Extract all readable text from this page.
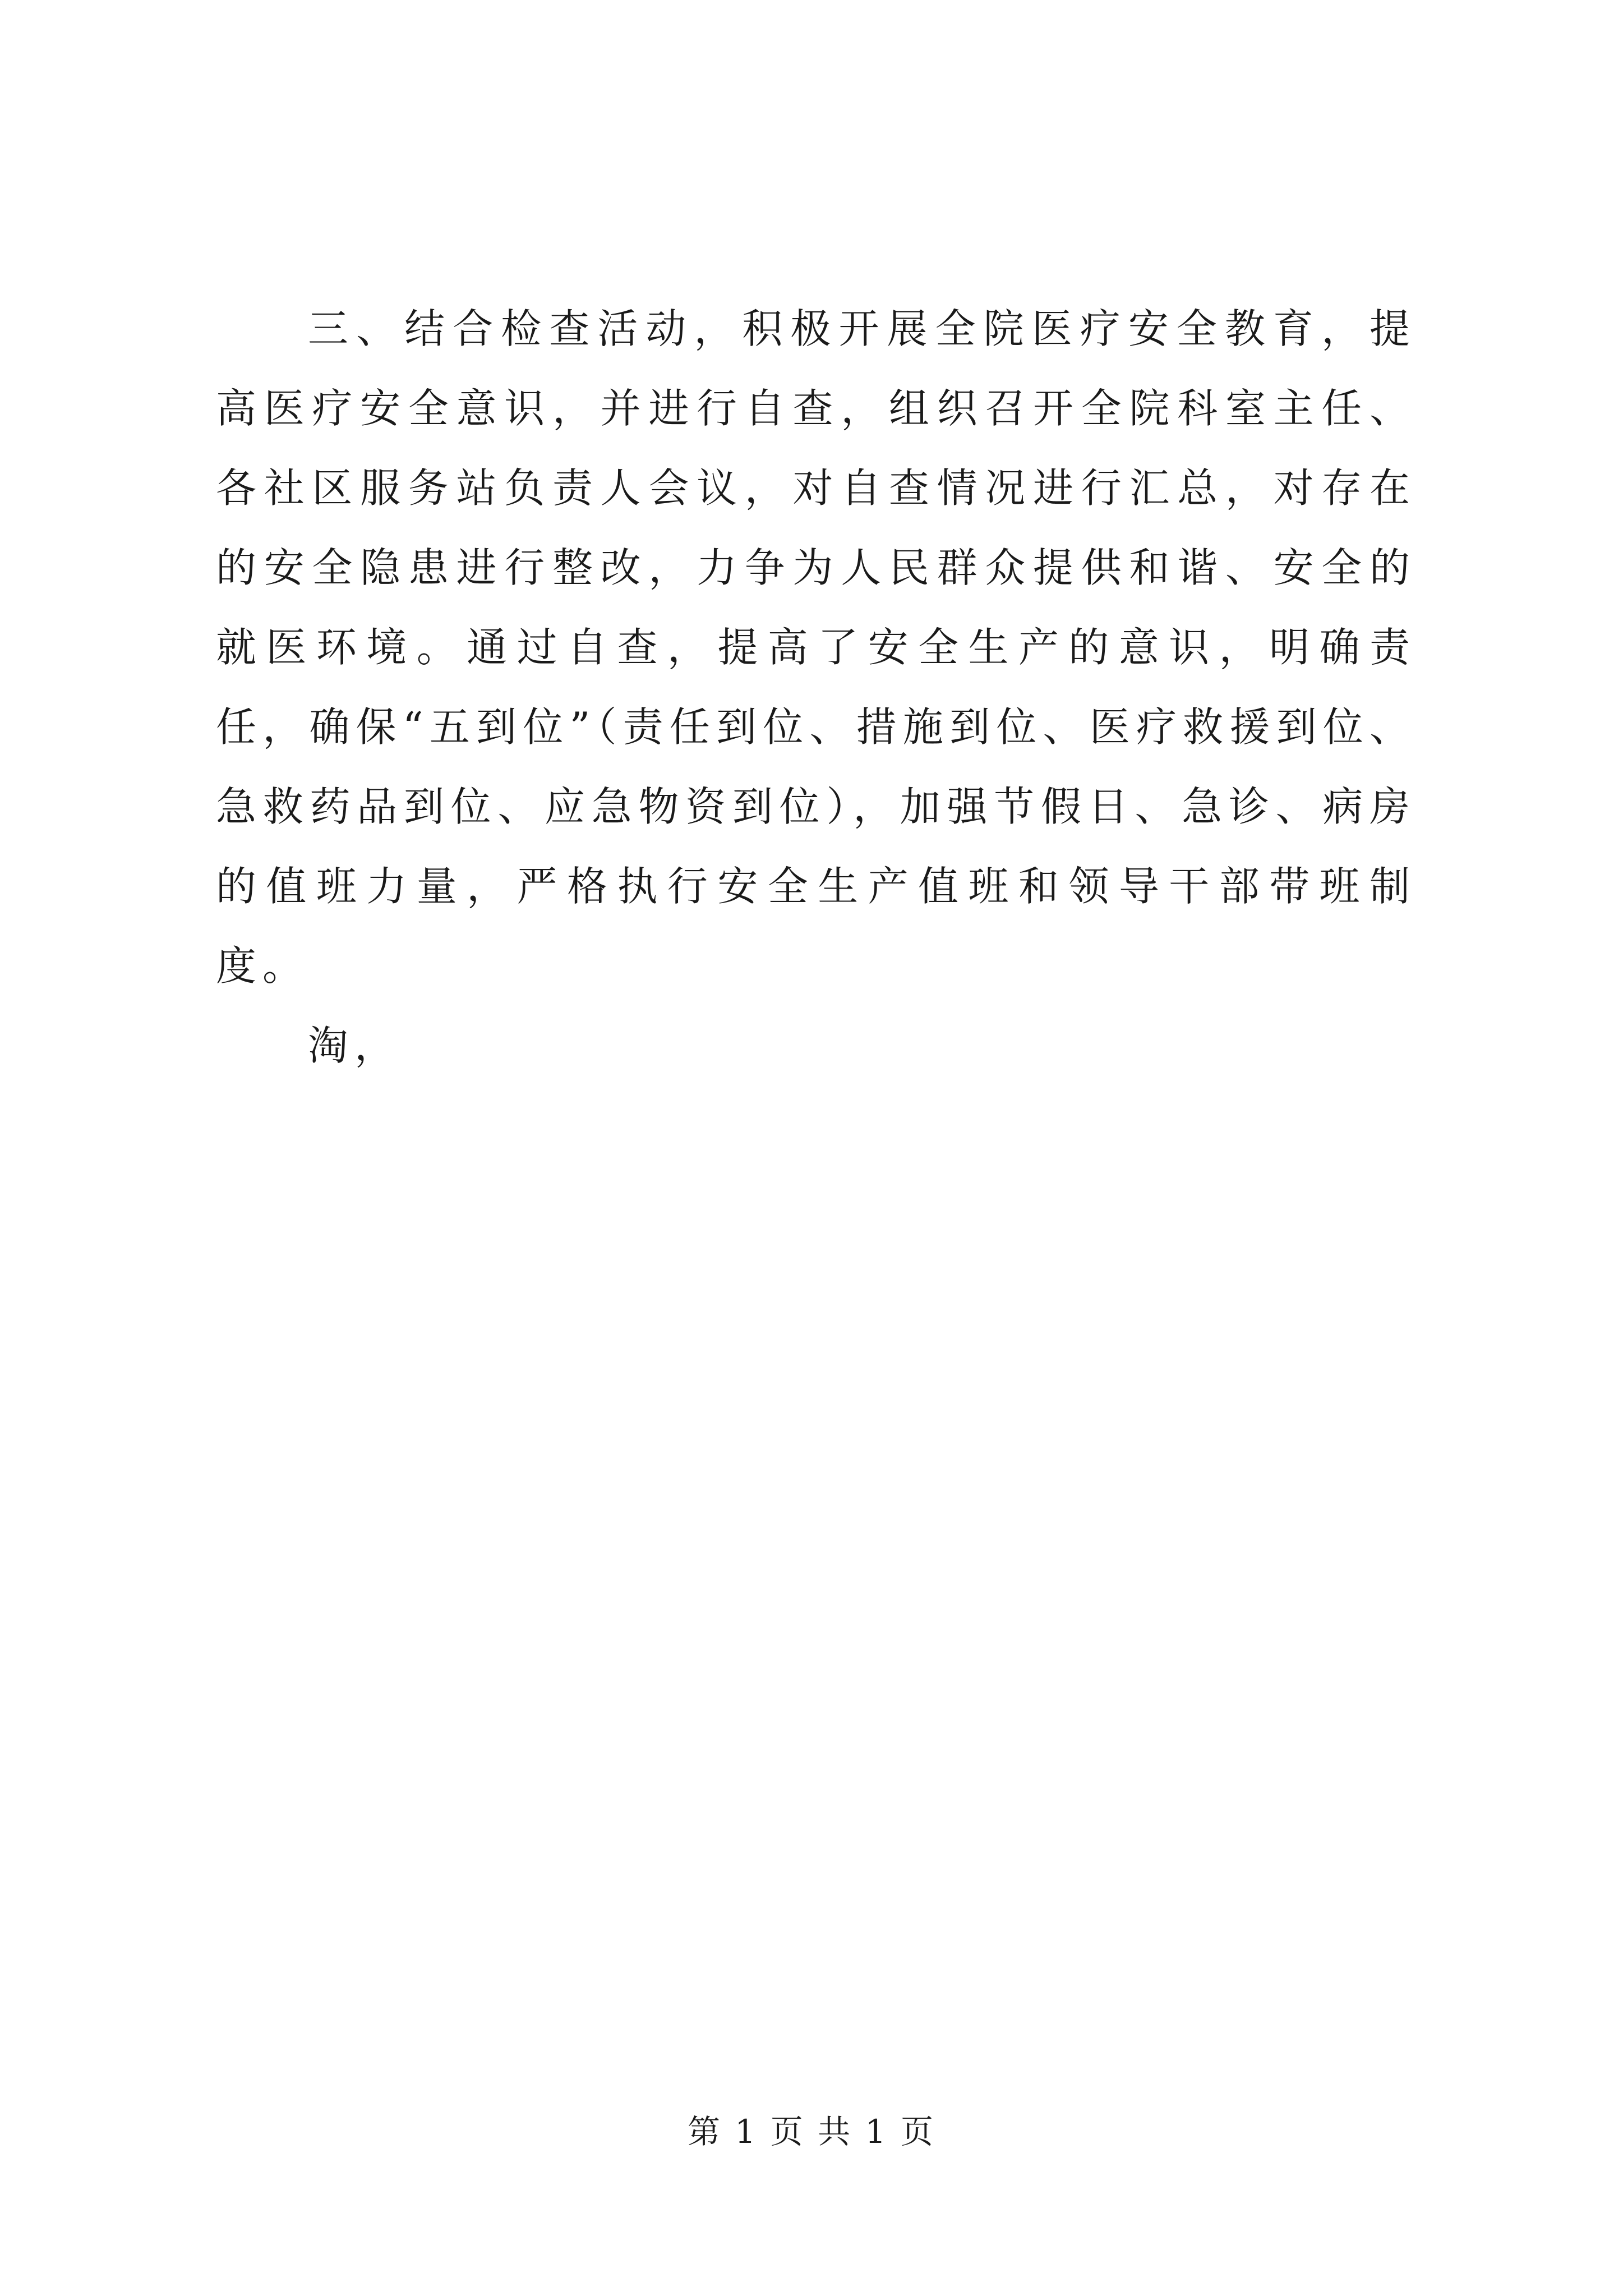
三、结合检查活动，积极开展全院医疗安全教育，提高医疗安全意识，并进行自查，组织召开全院科室主任、各社区服务站负责人会议，对自查情况进行汇总，对存在的安全隐患进行整改，力争为人民群众提供和谐、安全的就医环境。通过自查，提高了安全生产的意识，明确责任，确保“五到位”（责任到位、措施到位、医疗救援到位、急救药品到位、应急物资到位），加强节假日、急诊、病房的值班力量，严格执行安全生产值班和领导干部带班制度。

淘，

第 1 页 共 1 页
